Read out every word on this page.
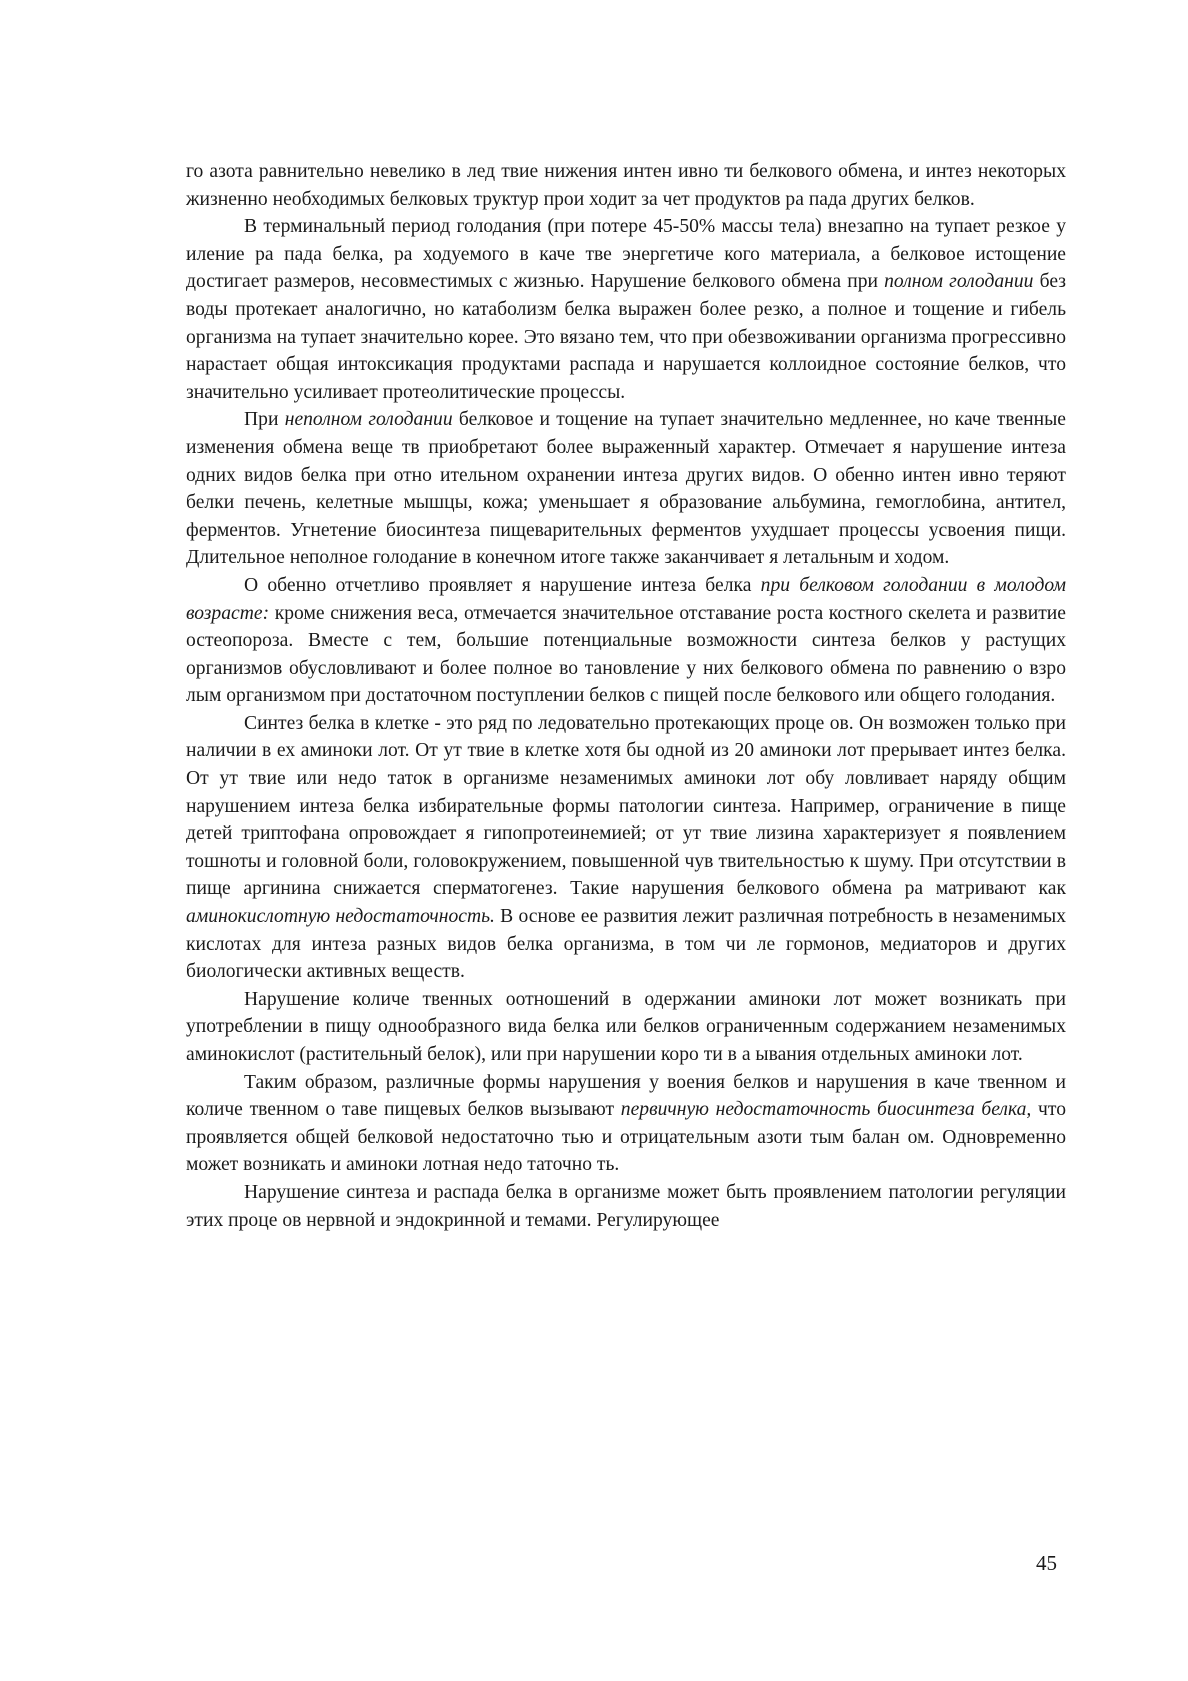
го азота равнительно невелико в лед твие нижения интен ивно ти белкового обмена, и интез некоторых жизненно необходимых белковых труктур прои ходит за чет продуктов ра пада других белков.

В терминальный период голодания (при потере 45-50% массы тела) внезапно на тупает резкое у иление ра пада белка, ра ходуемого в каче тве энергетиче кого материала, а белковое истощение достигает размеров, несовместимых с жизнью. Нарушение белкового обмена при полном голодании без воды протекает аналогично, но катаболизм белка выражен более резко, а полное и тощение и гибель организма на тупает значительно корее. Это вязано тем, что при обезвоживании организма прогрессивно нарастает общая интоксикация продуктами распада и нарушается коллоидное состояние белков, что значительно усиливает протеолитические процессы.

При неполном голодании белковое и тощение на тупает значительно медленнее, но каче твенные изменения обмена веще тв приобретают более выраженный характер. Отмечает я нарушение интеза одних видов белка при отно ительном охранении интеза других видов. О обенно интен ивно теряют белки печень, келетные мышцы, кожа; уменьшает я образование альбумина, гемоглобина, антител, ферментов. Угнетение биосинтеза пищеварительных ферментов ухудшает процессы усвоения пищи. Длительное неполное голодание в конечном итоге также заканчивает я летальным и ходом.

О обенно отчетливо проявляет я нарушение интеза белка при белковом голодании в молодом возрасте: кроме снижения веса, отмечается значительное отставание роста костного скелета и развитие остеопороза. Вместе с тем, большие потенциальные возможности синтеза белков у растущих организмов обусловливают и более полное во тановление у них белкового обмена по равнению о взро лым организмом при достаточном поступлении белков с пищей после белкового или общего голодания.

Синтез белка в клетке - это ряд по ледовательно протекающих проце ов. Он возможен только при наличии в ех аминоки лот. От ут твие в клетке хотя бы одной из 20 аминоки лот прерывает интез белка. От ут твие или недо таток в организме незаменимых аминоки лот обу ловливает наряду общим нарушением интеза белка избирательные формы патологии синтеза. Например, ограничение в пище детей триптофана опровождает я гипопротеинемией; от ут твие лизина характеризует я появлением тошноты и головной боли, головокружением, повышенной чув твительностью к шуму. При отсутствии в пище аргинина снижается сперматогенез. Такие нарушения белкового обмена ра матривают как аминокислотную недостаточность. В основе ее развития лежит различная потребность в незаменимых кислотах для интеза разных видов белка организма, в том чи ле гормонов, медиаторов и других биологически активных веществ.

Нарушение количе твенных оотношений в одержании аминоки лот может возникать при употреблении в пищу однообразного вида белка или белков ограниченным содержанием незаменимых аминокислот (растительный белок), или при нарушении коро ти в а ывания отдельных аминоки лот.

Таким образом, различные формы нарушения у воения белков и нарушения в каче твенном и количе твенном о таве пищевых белков вызывают первичную недостаточность биосинтеза белка, что проявляется общей белковой недостаточно тью и отрицательным азоти тым балан ом. Одновременно может возникать и аминоки лотная недо таточно ть.

Нарушение синтеза и распада белка в организме может быть проявлением патологии регуляции этих проце ов нервной и эндокринной и темами. Регулирующее

45
